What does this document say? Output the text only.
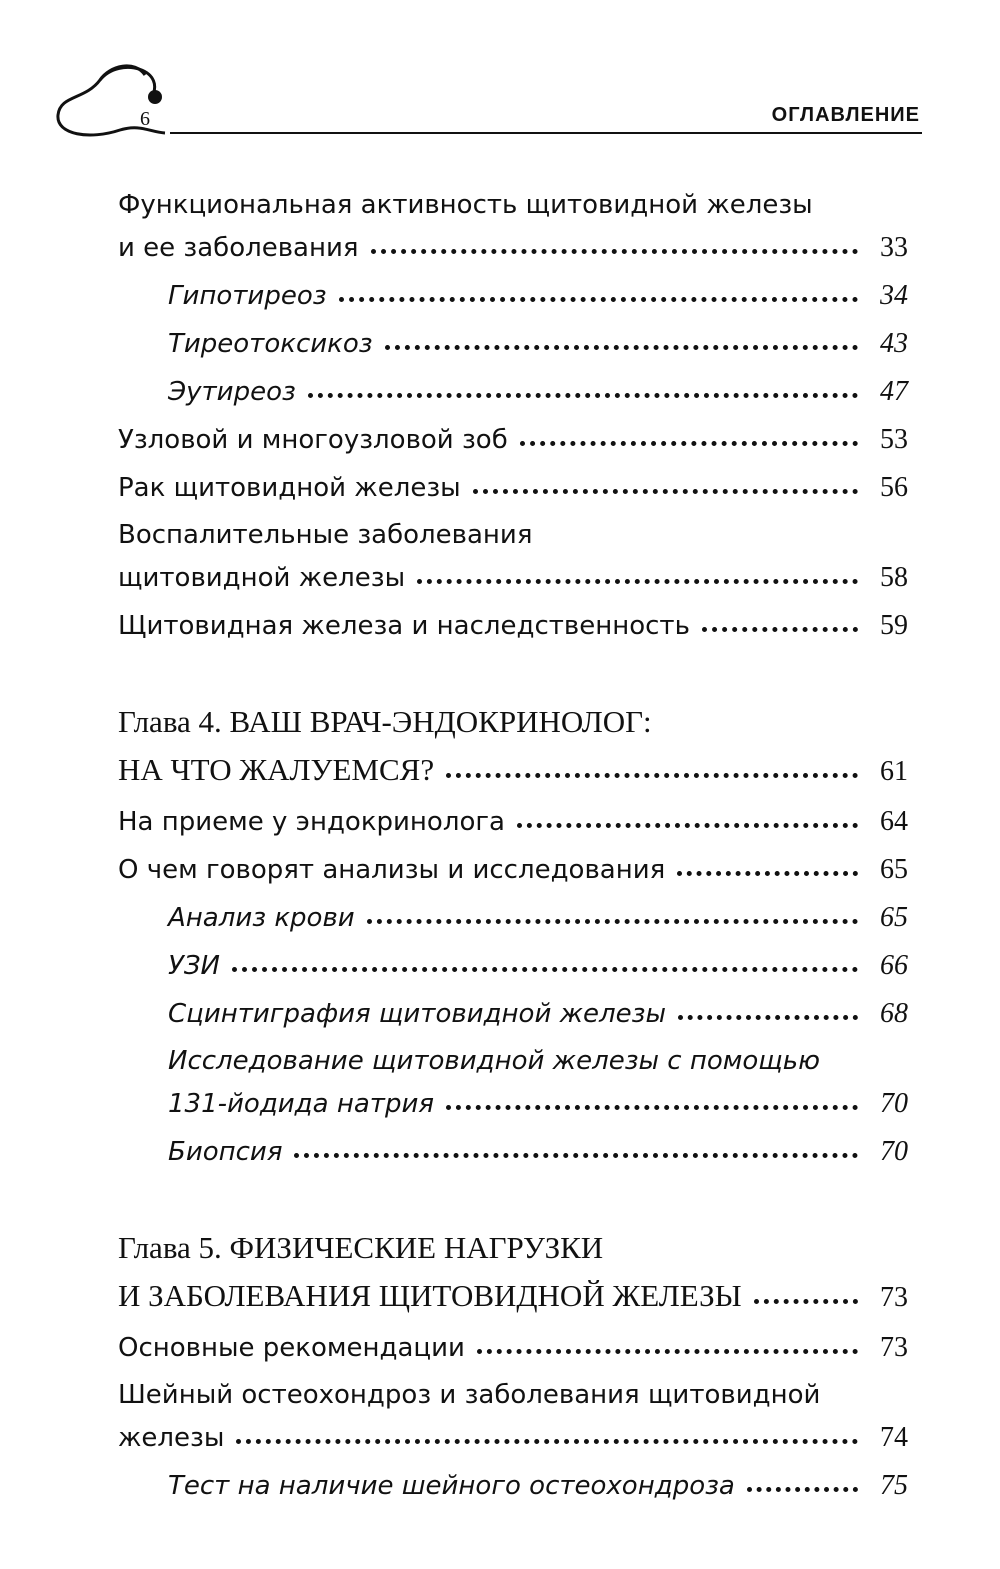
6	ОГЛАВЛЕНИЕ
Функциональная активность щитовидной железы
и ее заболевания	33
Гипотиреоз	34
Тиреотоксикоз	43
Эутиреоз	47
Узловой и многоузловой зоб	53
Рак щитовидной железы	56
Воспалительные заболевания
щитовидной железы	58
Щитовидная железа и наследственность	59
Глава 4. ВАШ ВРАЧ-ЭНДОКРИНОЛОГ:
НА ЧТО ЖАЛУЕМСЯ?	61
На приеме у эндокринолога	64
О чем говорят анализы и исследования	65
Анализ крови	65
УЗИ	66
Сцинтиграфия щитовидной железы	68
Исследование щитовидной железы с помощью
131-йодида натрия	70
Биопсия	70
Глава 5. ФИЗИЧЕСКИЕ НАГРУЗКИ
И ЗАБОЛЕВАНИЯ ЩИТОВИДНОЙ ЖЕЛЕЗЫ	73
Основные рекомендации	73
Шейный остеохондроз и заболевания щитовидной
железы	74
Тест на наличие шейного остеохондроза	75
